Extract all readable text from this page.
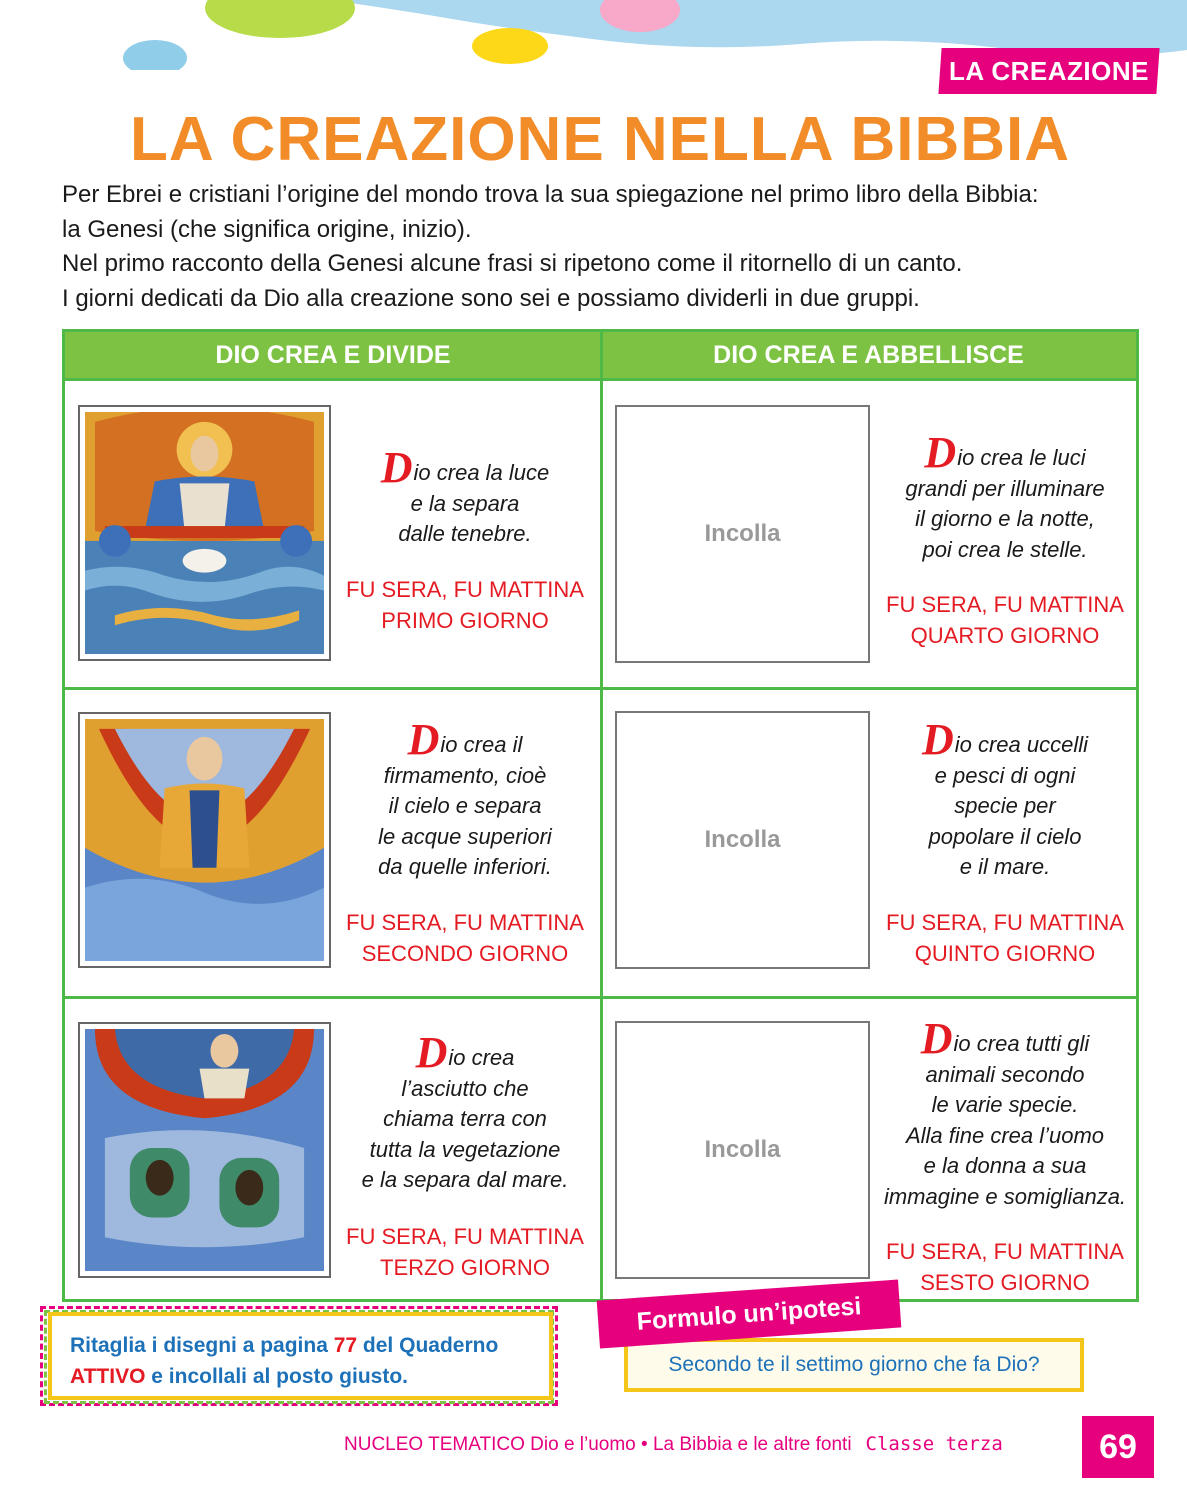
LA CREAZIONE
LA CREAZIONE NELLA BIBBIA

Per Ebrei e cristiani l’origine del mondo trova la sua spiegazione nel primo libro della Bibbia:

la Genesi (che significa origine, inizio).

Nel primo racconto della Genesi alcune frasi si ripetono come il ritornello di un canto.

I giorni dedicati da Dio alla creazione sono sei e possiamo dividerli in due gruppi.

DIO CREA E DIVIDE	DIO CREA E ABBELLISCE
Dio crea la luce
e la separa
dalle tenebre.
FU SERA, FU MATTINA
PRIMO GIORNO
Dio crea il
firmamento, cioè
il cielo e separa
le acque superiori
da quelle inferiori.
FU SERA, FU MATTINA
SECONDO GIORNO
Dio crea
l’asciutto che
chiama terra con
tutta la vegetazione
e la separa dal mare.
FU SERA, FU MATTINA
TERZO GIORNO
Incolla
Dio crea le luci
grandi per illuminare
il giorno e la notte,
poi crea le stelle.
FU SERA, FU MATTINA
QUARTO GIORNO
Incolla
Dio crea uccelli
e pesci di ogni
specie per
popolare il cielo
e il mare.
FU SERA, FU MATTINA
QUINTO GIORNO
Incolla
Dio crea tutti gli
animali secondo
le varie specie.
Alla fine crea l’uomo
e la donna a sua
immagine e somiglianza.
FU SERA, FU MATTINA
SESTO GIORNO
Ritaglia i disegni a pagina 77 del Quaderno
ATTIVO e incollali al posto giusto.
Secondo te il settimo giorno che fa Dio?
Formulo un’ipotesi
NUCLEO TEMATICO Dio e l’uomo • La Bibbia e le altre fonti Classe terza	69
